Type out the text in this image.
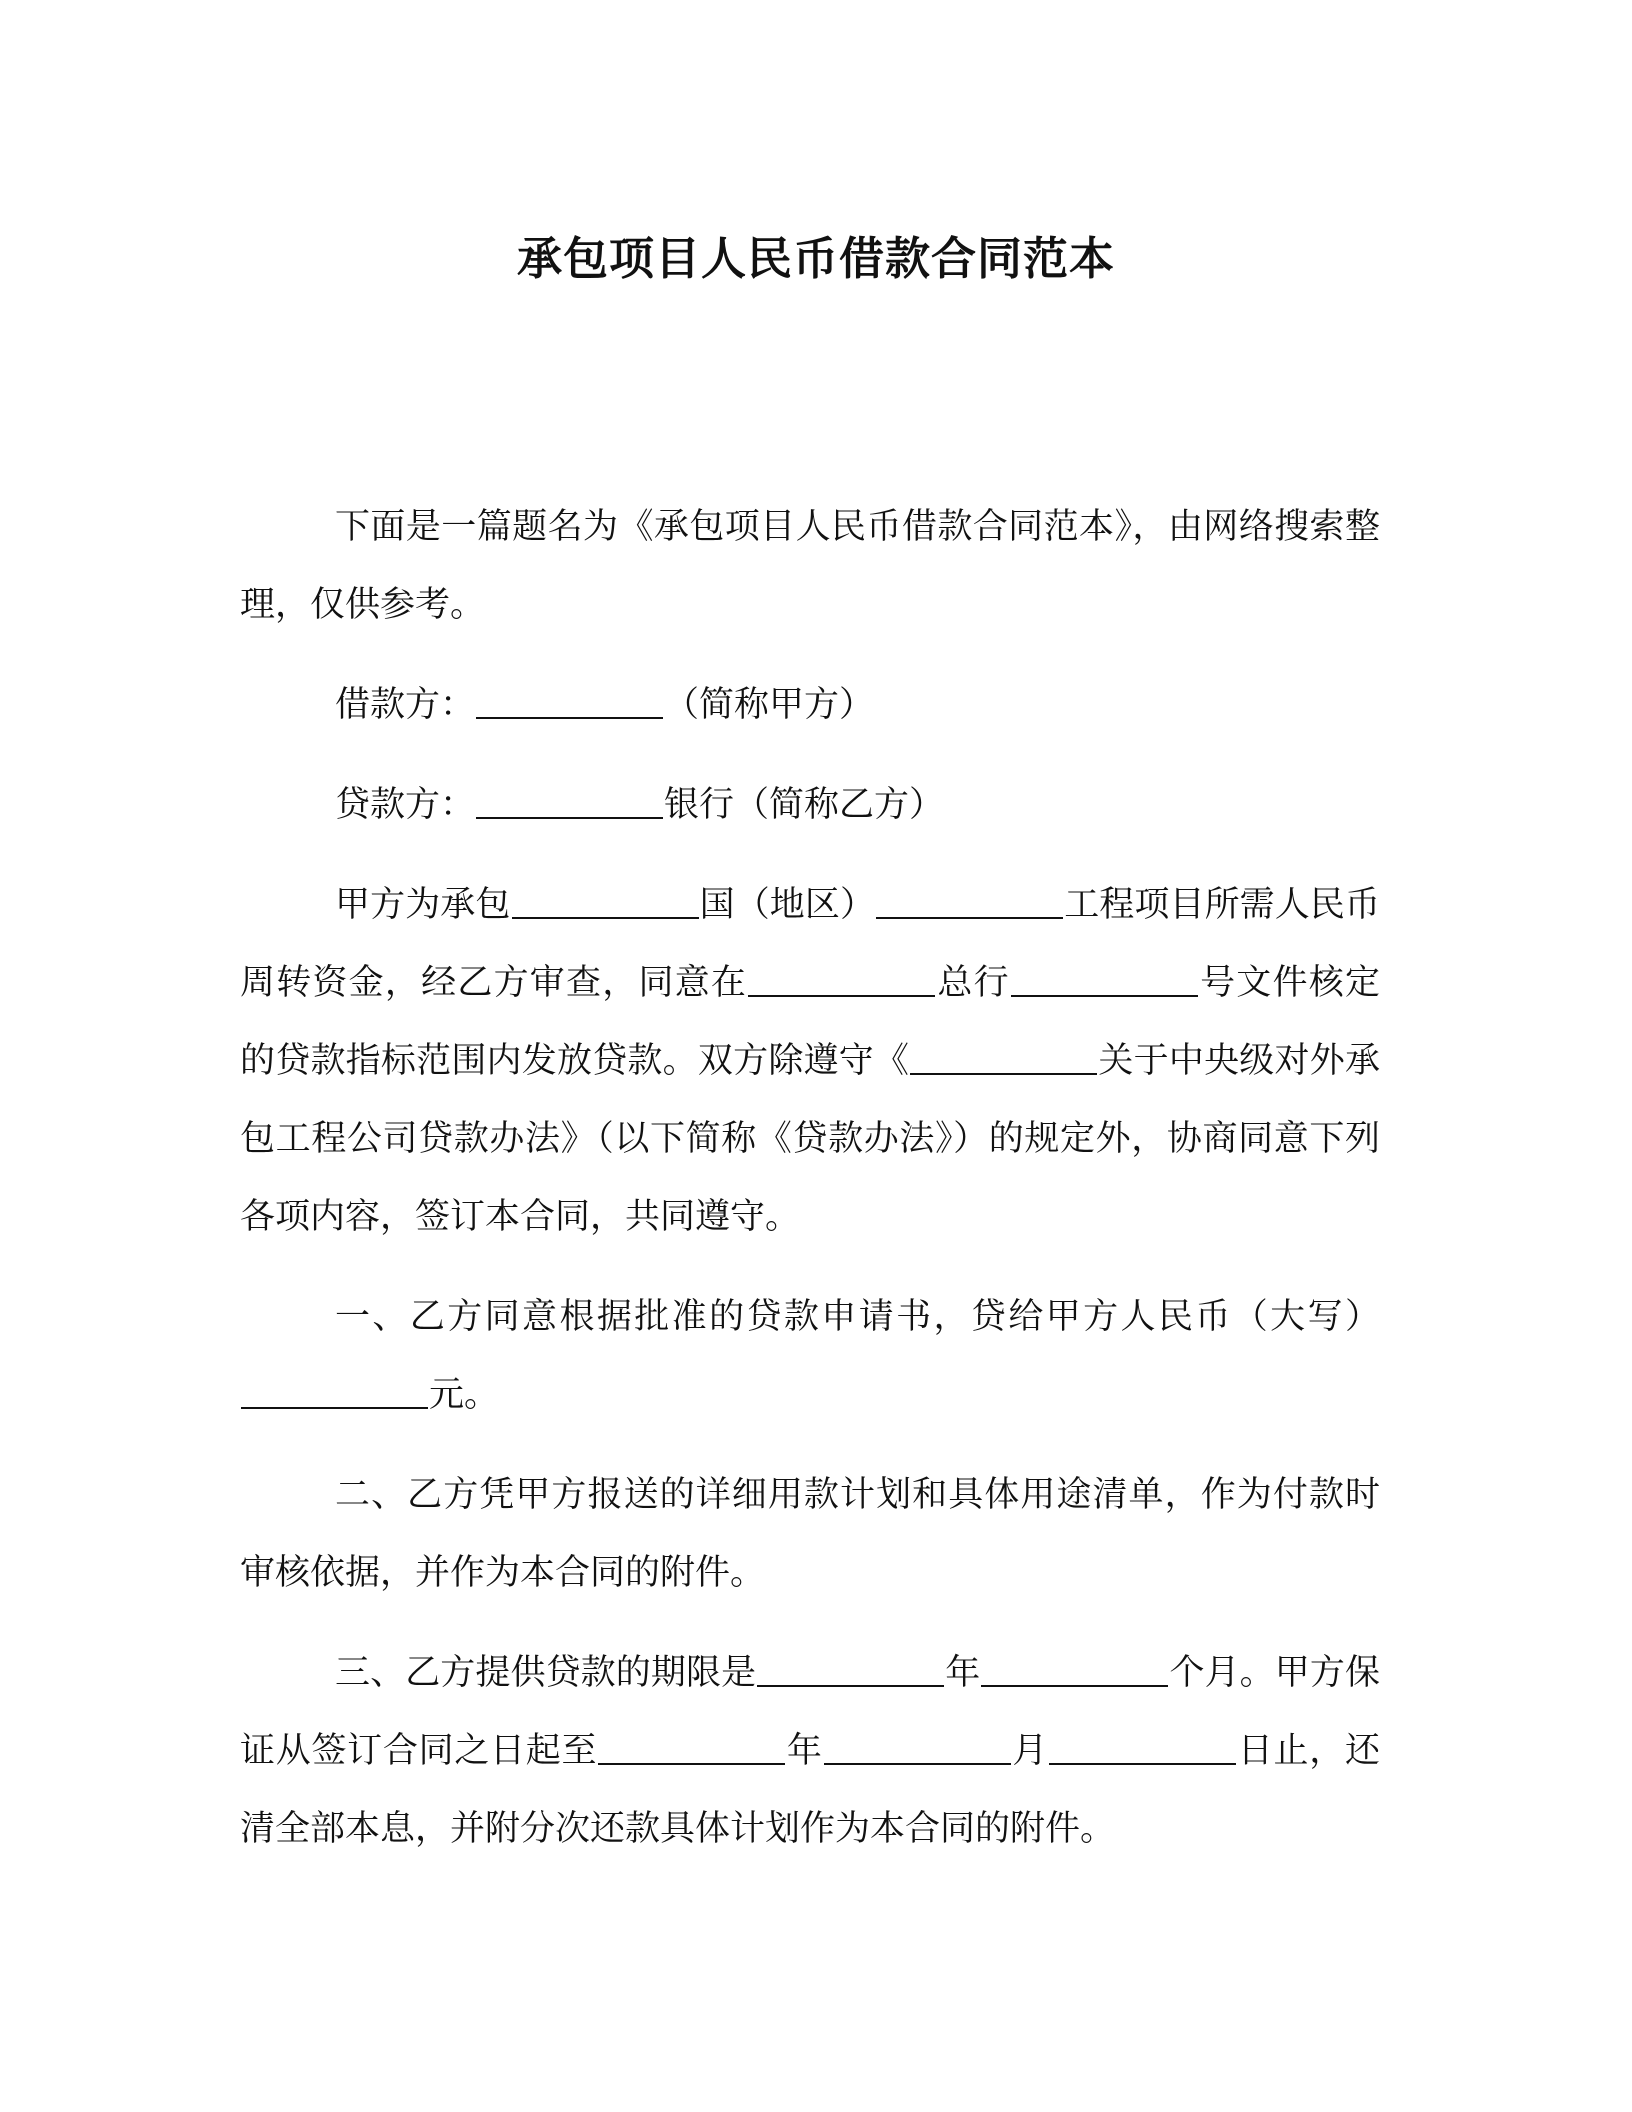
承包项目人民币借款合同范本

下面是一篇题名为《承包项目人民币借款合同范本》，由网络搜索整理，仅供参考。

借款方：	（简称甲方）

贷款方：	银行（简称乙方）

甲方为承包	国（地区）	工程项目所需人民币周转资金，经乙方审查，同意在	总行	号文件核定的贷款指标范围内发放贷款。双方除遵守《	关于中央级对外承包工程公司贷款办法》（以下简称《贷款办法》）的规定外，协商同意下列各项内容，签订本合同，共同遵守。

一、乙方同意根据批准的贷款申请书，贷给甲方人民币（大写）元。

二、乙方凭甲方报送的详细用款计划和具体用途清单，作为付款时审核依据，并作为本合同的附件。

三、乙方提供贷款的期限是	年	个月。甲方保证从签订合同之日起至	年	月	日止，还清全部本息，并附分次还款具体计划作为本合同的附件。
